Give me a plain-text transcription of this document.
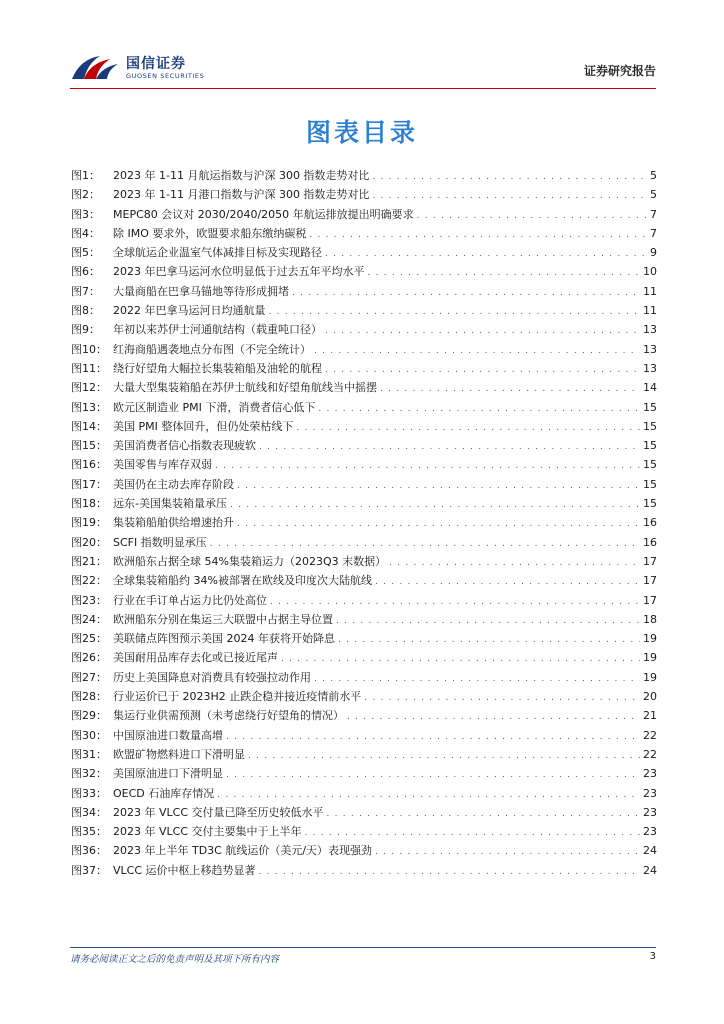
国信证券
GUOSEN SECURITIES	证券研究报告
图表目录
图1：	2023 年 1-11 月航运指数与沪深 300 指数走势对比 . . .	5
图2：	2023 年 1-11 月港口指数与沪深 300 指数走势对比 . . .	5
图3：	MEPC80 会议对 2030/2040/2050 年航运排放提出明确要求 . . .	7
图4：	除 IMO 要求外，欧盟要求船东缴纳碳税 . . .	7
图5：	全球航运企业温室气体减排目标及实现路径 . . .	9
图6：	2023 年巴拿马运河水位明显低于过去五年平均水平 . . .	10
图7：	大量商船在巴拿马锚地等待形成拥堵 . . .	11
图8：	2022 年巴拿马运河日均通航量 . . .	11
图9：	年初以来苏伊士河通航结构（载重吨口径） . . .	13
图10： 红海商船遇袭地点分布图（不完全统计） . . .	13
图11： 绕行好望角大幅拉长集装箱船及油轮的航程 . . .	13
图12： 大量大型集装箱船在苏伊士航线和好望角航线当中摇摆 . . .	14
图13： 欧元区制造业 PMI 下滑，消费者信心低下 . . .	15
图14： 美国 PMI 整体回升，但仍处荣枯线下 . . .	15
图15： 美国消费者信心指数表现疲软 . . .	15
图16： 美国零售与库存双弱 . . .	15
图17： 美国仍在主动去库存阶段 . . .	15
图18： 远东-美国集装箱量承压 . . .	15
图19： 集装箱船舶供给增速抬升 . . .	16
图20： SCFI 指数明显承压 . . .	16
图21： 欧洲船东占据全球 54%集装箱运力（2023Q3 末数据） . . .	17
图22： 全球集装箱船约 34%被部署在欧线及印度次大陆航线 . . .	17
图23： 行业在手订单占运力比仍处高位 . . .	17
图24： 欧洲船东分别在集运三大联盟中占据主导位置 . . .	18
图25： 美联储点阵图预示美国 2024 年获将开始降息 . . .	19
图26： 美国耐用品库存去化或已接近尾声 . . .	19
图27： 历史上美国降息对消费具有较强拉动作用 . . .	19
图28： 行业运价已于 2023H2 止跌企稳并接近疫情前水平 . . .	20
图29： 集运行业供需预测（未考虑绕行好望角的情况） . . .	21
图30： 中国原油进口数量高增 . . .	22
图31： 欧盟矿物燃料进口下滑明显 . . .	22
图32： 美国原油进口下滑明显 . . .	23
图33： OECD 石油库存情况 . . .	23
图34： 2023 年 VLCC 交付量已降至历史较低水平 . . .	23
图35： 2023 年 VLCC 交付主要集中于上半年 . . .	23
图36： 2023 年上半年 TD3C 航线运价（美元/天）表现强劲 . . .	24
图37： VLCC 运价中枢上移趋势显著 . . .	24
请务必阅读正文之后的免责声明及其项下所有内容	3
